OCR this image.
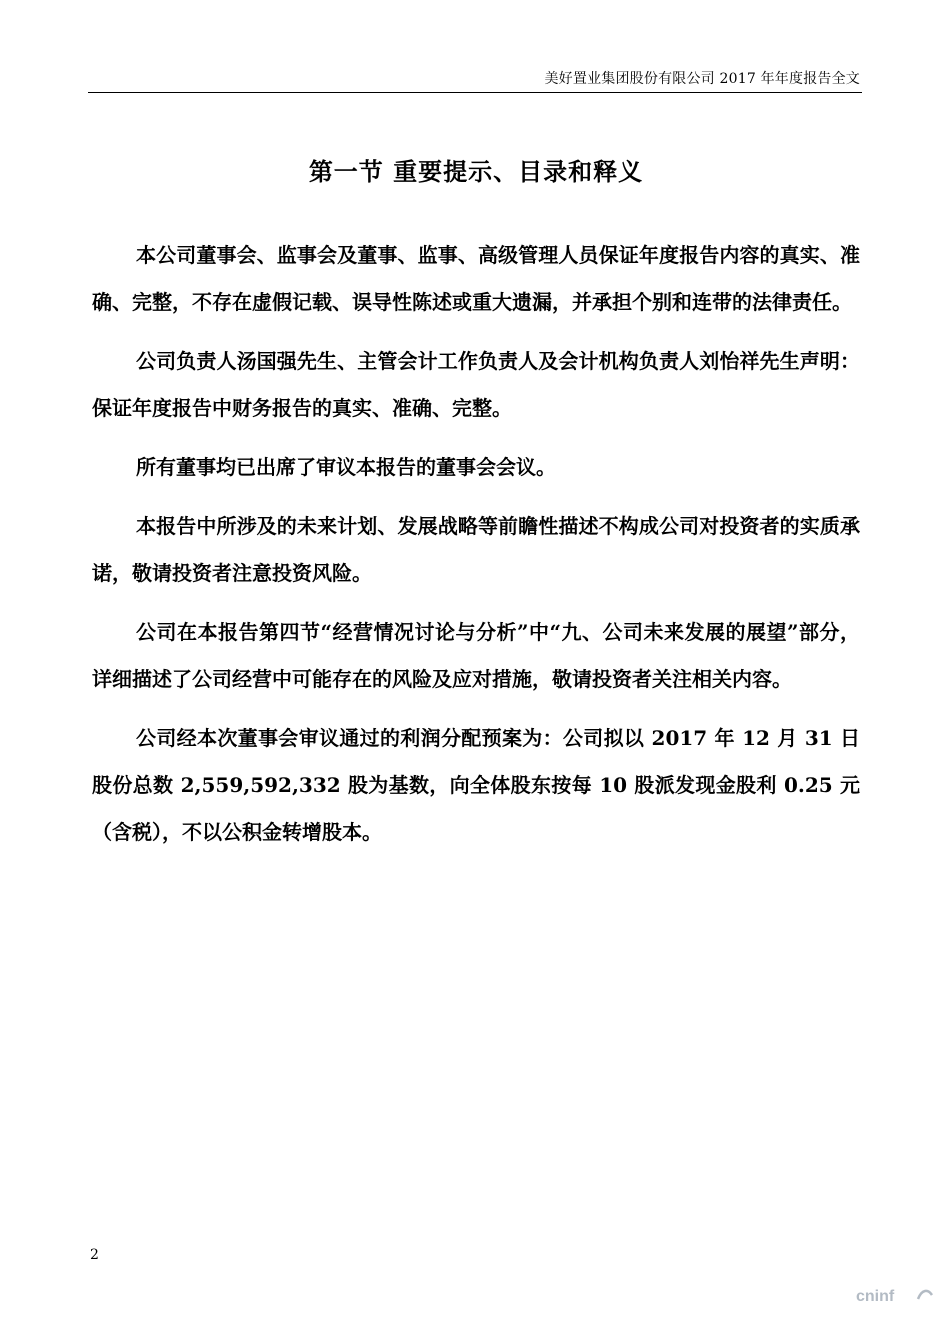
美好置业集团股份有限公司 2017 年年度报告全文
第一节 重要提示、目录和释义

本公司董事会、监事会及董事、监事、高级管理人员保证年度报告内容的真实、准确、完整，不存在虚假记载、误导性陈述或重大遗漏，并承担个别和连带的法律责任。

公司负责人汤国强先生、主管会计工作负责人及会计机构负责人刘怡祥先生声明：保证年度报告中财务报告的真实、准确、完整。

所有董事均已出席了审议本报告的董事会会议。

本报告中所涉及的未来计划、发展战略等前瞻性描述不构成公司对投资者的实质承诺，敬请投资者注意投资风险。

公司在本报告第四节“经营情况讨论与分析”中“九、公司未来发展的展望”部分，详细描述了公司经营中可能存在的风险及应对措施，敬请投资者关注相关内容。

公司经本次董事会审议通过的利润分配预案为：公司拟以 2017 年 12 月 31 日股份总数 2,559,592,332 股为基数，向全体股东按每 10 股派发现金股利 0.25 元（含税），不以公积金转增股本。

2
cninf
